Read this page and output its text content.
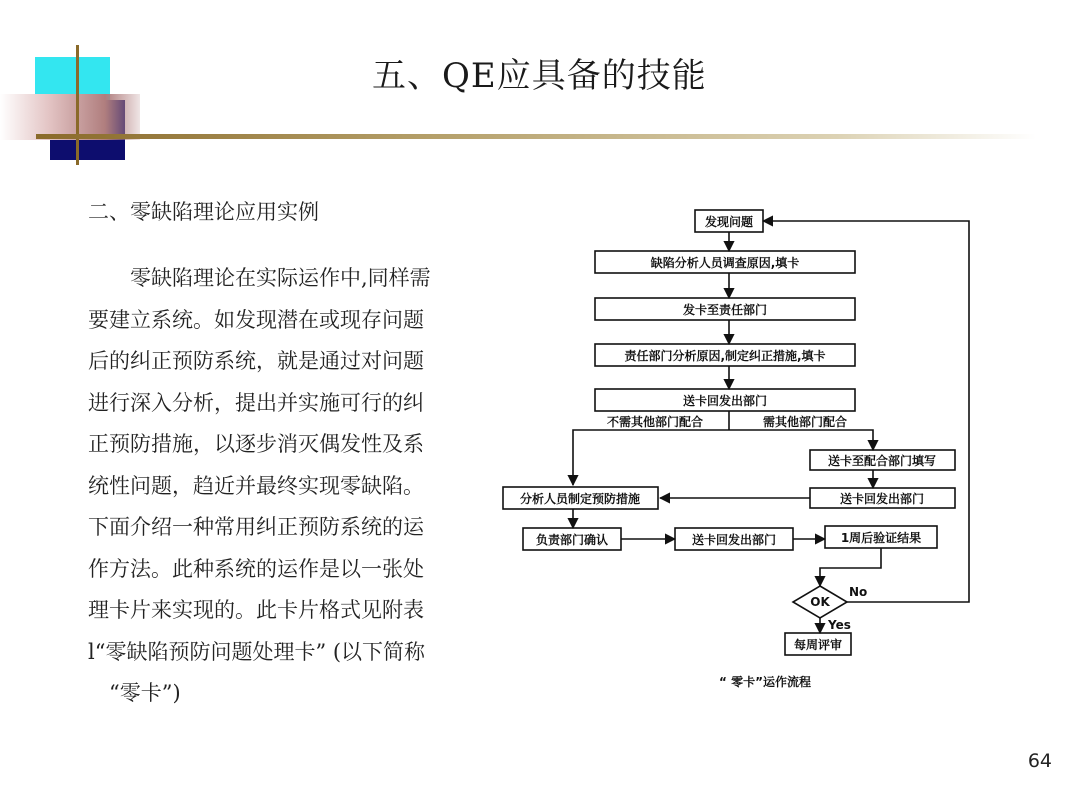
五、QE应具备的技能
二、零缺陷理论应用实例
　　零缺陷理论在实际运作中,同样需
要建立系统。如发现潜在或现存问题
后的纠正预防系统，就是通过对问题
进行深入分析，提出并实施可行的纠
正预防措施，以逐步消灭偶发性及系
统性问题，趋近并最终实现零缺陷。
下面介绍一种常用纠正预防系统的运
作方法。此种系统的运作是以一张处
理卡片来实现的。此卡片格式见附表
l“零缺陷预防问题处理卡” (以下简称
　“零卡”)
发现问题
缺陷分析人员调查原因,填卡
发卡至责任部门
责任部门分析原因,制定纠正措施,填卡
送卡回发出部门
不需其他部门配合	需其他部门配合
送卡至配合部门填写
送卡回发出部门
分析人员制定预防措施
负责部门确认	送卡回发出部门	1周后验证结果
OK
No
Yes
每周评审
“ 零卡”运作流程
64
